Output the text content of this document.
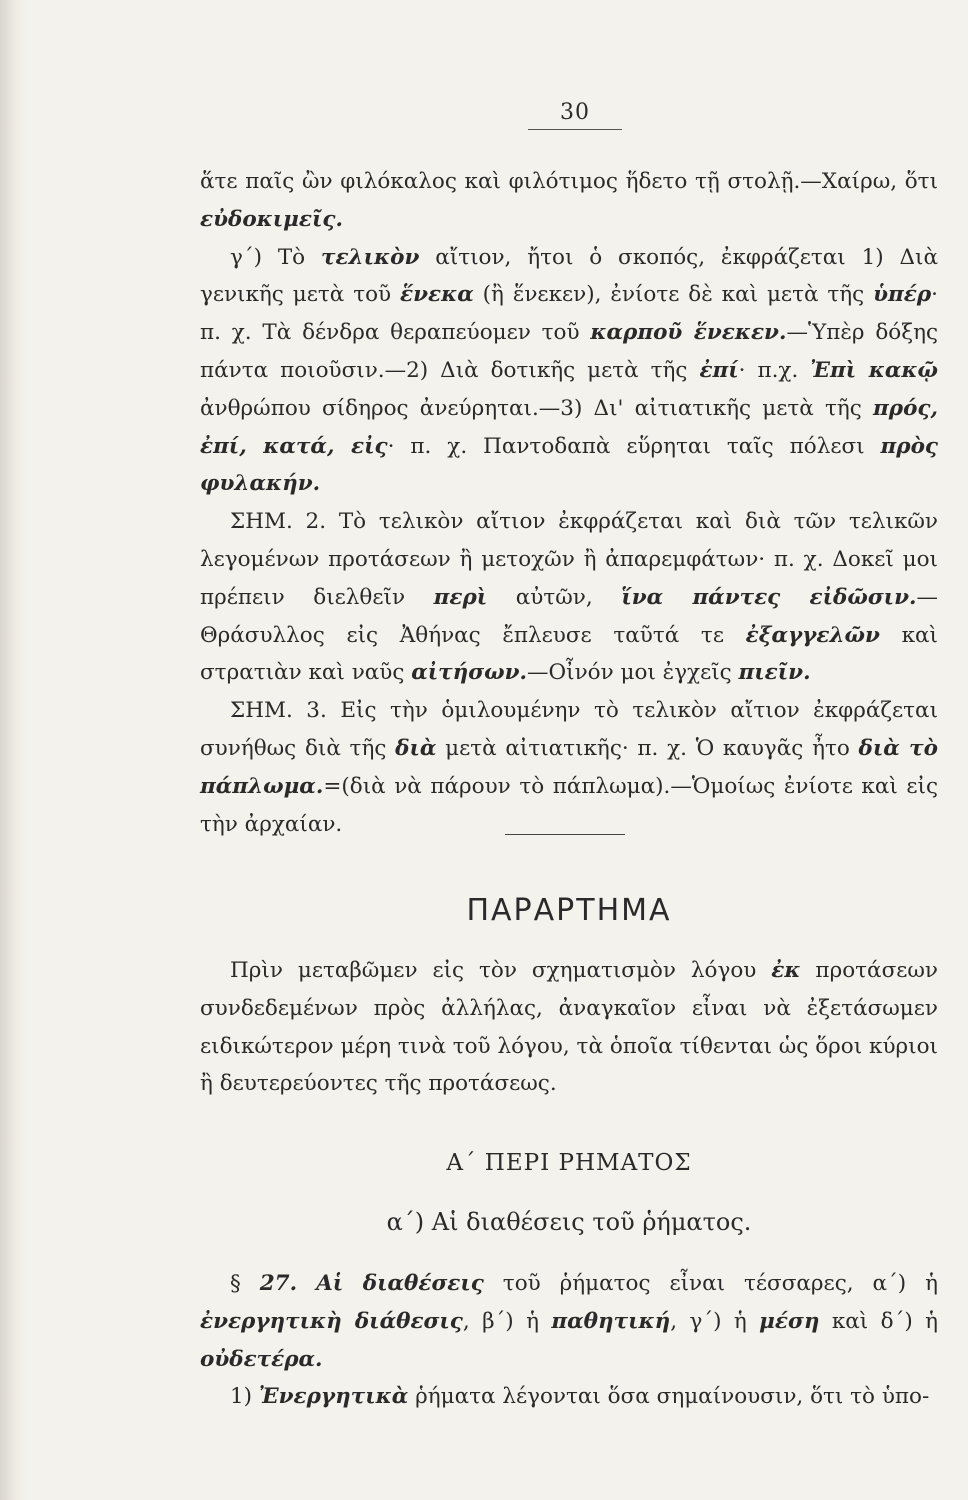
30

ἅτε παῖς ὢν φιλόκαλος καὶ φιλότιμος ἥδετο τῇ στολῇ.—Χαίρω, ὅτι εὐδοκιμεῖς.

γ΄) Τὸ τελικὸν αἴτιον, ἤτοι ὁ σκοπός, ἐκφράζεται 1) Διὰ γενικῆς μετὰ τοῦ ἕνεκα (ἢ ἕνεκεν), ἐνίοτε δὲ καὶ μετὰ τῆς ὑπέρ· π. χ. Τὰ δένδρα θεραπεύομεν τοῦ καρποῦ ἕνεκεν.—Ὑπὲρ δόξης πάντα ποιοῦσιν.—2) Διὰ δοτικῆς μετὰ τῆς ἐπί· π.χ. Ἐπὶ κακῷ ἀνθρώπου σίδηρος ἀνεύρηται.—3) Δι' αἰτιατικῆς μετὰ τῆς πρός, ἐπί, κατά, εἰς· π. χ. Παντοδαπὰ εὕρηται ταῖς πόλεσι πρὸς φυλακήν.

ΣΗΜ. 2. Τὸ τελικὸν αἴτιον ἐκφράζεται καὶ διὰ τῶν τελικῶν λεγομένων προτάσεων ἢ μετοχῶν ἢ ἀπαρεμφάτων· π. χ. Δοκεῖ μοι πρέπειν διελθεῖν περὶ αὐτῶν, ἵνα πάντες εἰδῶσιν.— Θράσυλλος εἰς Ἀθήνας ἔπλευσε ταῦτά τε ἐξαγγελῶν καὶ στρατιὰν καὶ ναῦς αἰτήσων.—Οἶνόν μοι ἐγχεῖς πιεῖν.

ΣΗΜ. 3. Εἰς τὴν ὁμιλουμένην τὸ τελικὸν αἴτιον ἐκφράζεται συνήθως διὰ τῆς διὰ μετὰ αἰτιατικῆς· π. χ. Ὁ καυγᾶς ἦτο διὰ τὸ πάπλωμα.=(διὰ νὰ πάρουν τὸ πάπλωμα).—Ὁμοίως ἐνίοτε καὶ εἰς τὴν ἀρχαίαν.

ΠΑΡΑΡΤΗΜΑ

Πρὶν μεταβῶμεν εἰς τὸν σχηματισμὸν λόγου ἐκ προτάσεων συνδεδεμένων πρὸς ἀλλήλας, ἀναγκαῖον εἶναι νὰ ἐξετάσωμεν ειδικώτερον μέρη τινὰ τοῦ λόγου, τὰ ὁποῖα τίθενται ὡς ὅροι κύριοι ἢ δευτερεύοντες τῆς προτάσεως.

Α΄ ΠΕΡΙ ΡΗΜΑΤΟΣ
α΄) Αἱ διαθέσεις τοῦ ῥήματος.

§ 27. Αἱ διαθέσεις τοῦ ῥήματος εἶναι τέσσαρες, α΄) ἡ ἐνεργητικὴ διάθεσις, β΄) ἡ παθητική, γ΄) ἡ μέση καὶ δ΄) ἡ οὐδετέρα.

1) Ἐνεργητικὰ ῥήματα λέγονται ὅσα σημαίνουσιν, ὅτι τὸ ὑπο-
